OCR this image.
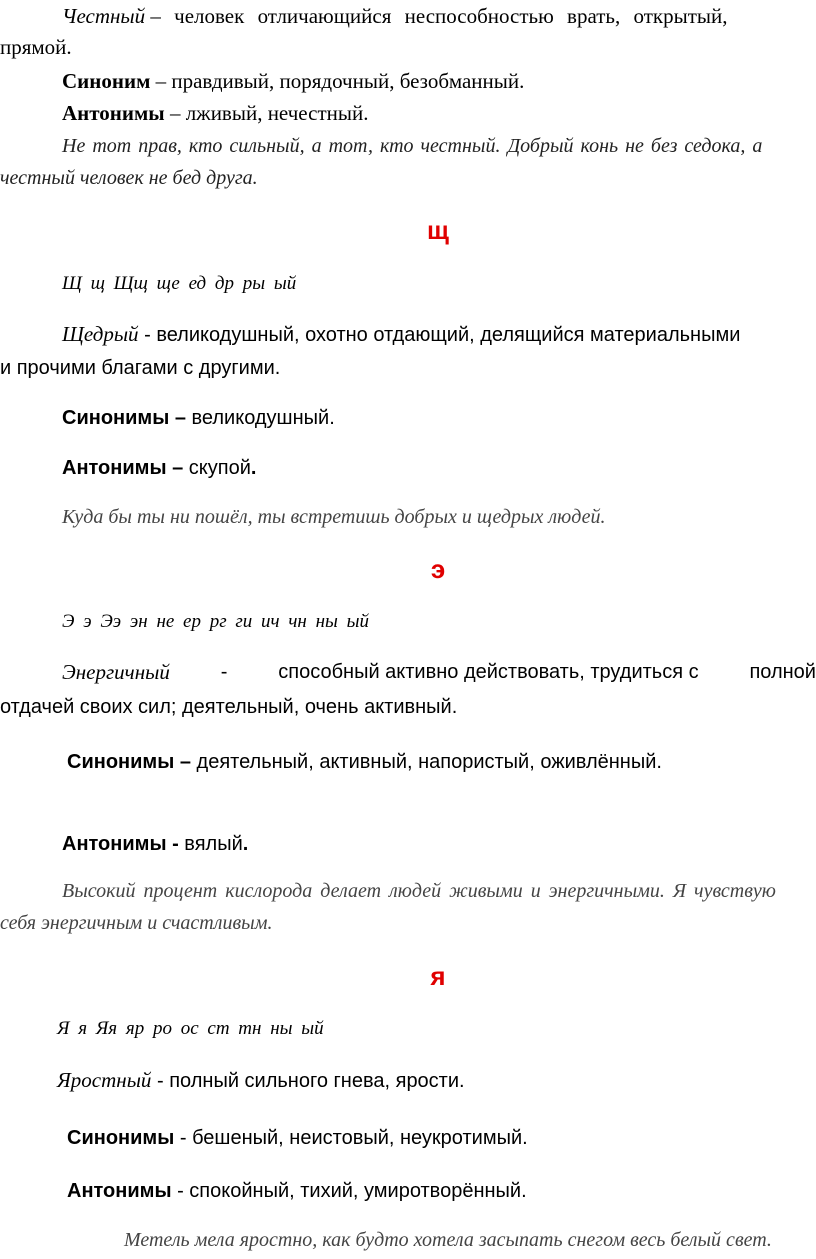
Честный – человек отличающийся неспособностью врать, открытый,
прямой.
Синоним – правдивый, порядочный, безобманный.
Антонимы – лживый, нечестный.
Не тот прав, кто сильный, а тот, кто честный. Добрый конь не без седока, а
честный человек не бед друга.
щ
Щ щ Щщ ще ед др ры ый
Щедрый - великодушный, охотно отдающий, делящийся материальными
и прочими благами с другими.
Синонимы – великодушный.
Антонимы – скупой.
Куда бы ты ни пошёл, ты встретишь добрых и щедрых людей.
э
Э э Ээ эн не ер рг ги ич чн ны ый
Энергичный	-	способный активно действовать, трудиться с	полной
отдачей своих сил; деятельный, очень активный.
Синонимы – деятельный, активный, напористый, оживлённый.
Антонимы - вялый.
Высокий процент кислорода делает людей живыми и энергичными. Я чувствую
себя энергичным и счастливым.
я
Я я Яя яр ро ос ст тн ны ый
Яростный - полный сильного гнева, ярости.
Синонимы - бешеный, неистовый, неукротимый.
Антонимы - спокойный, тихий, умиротворённый.
Метель мела яростно, как будто хотела засыпать снегом весь белый свет.
